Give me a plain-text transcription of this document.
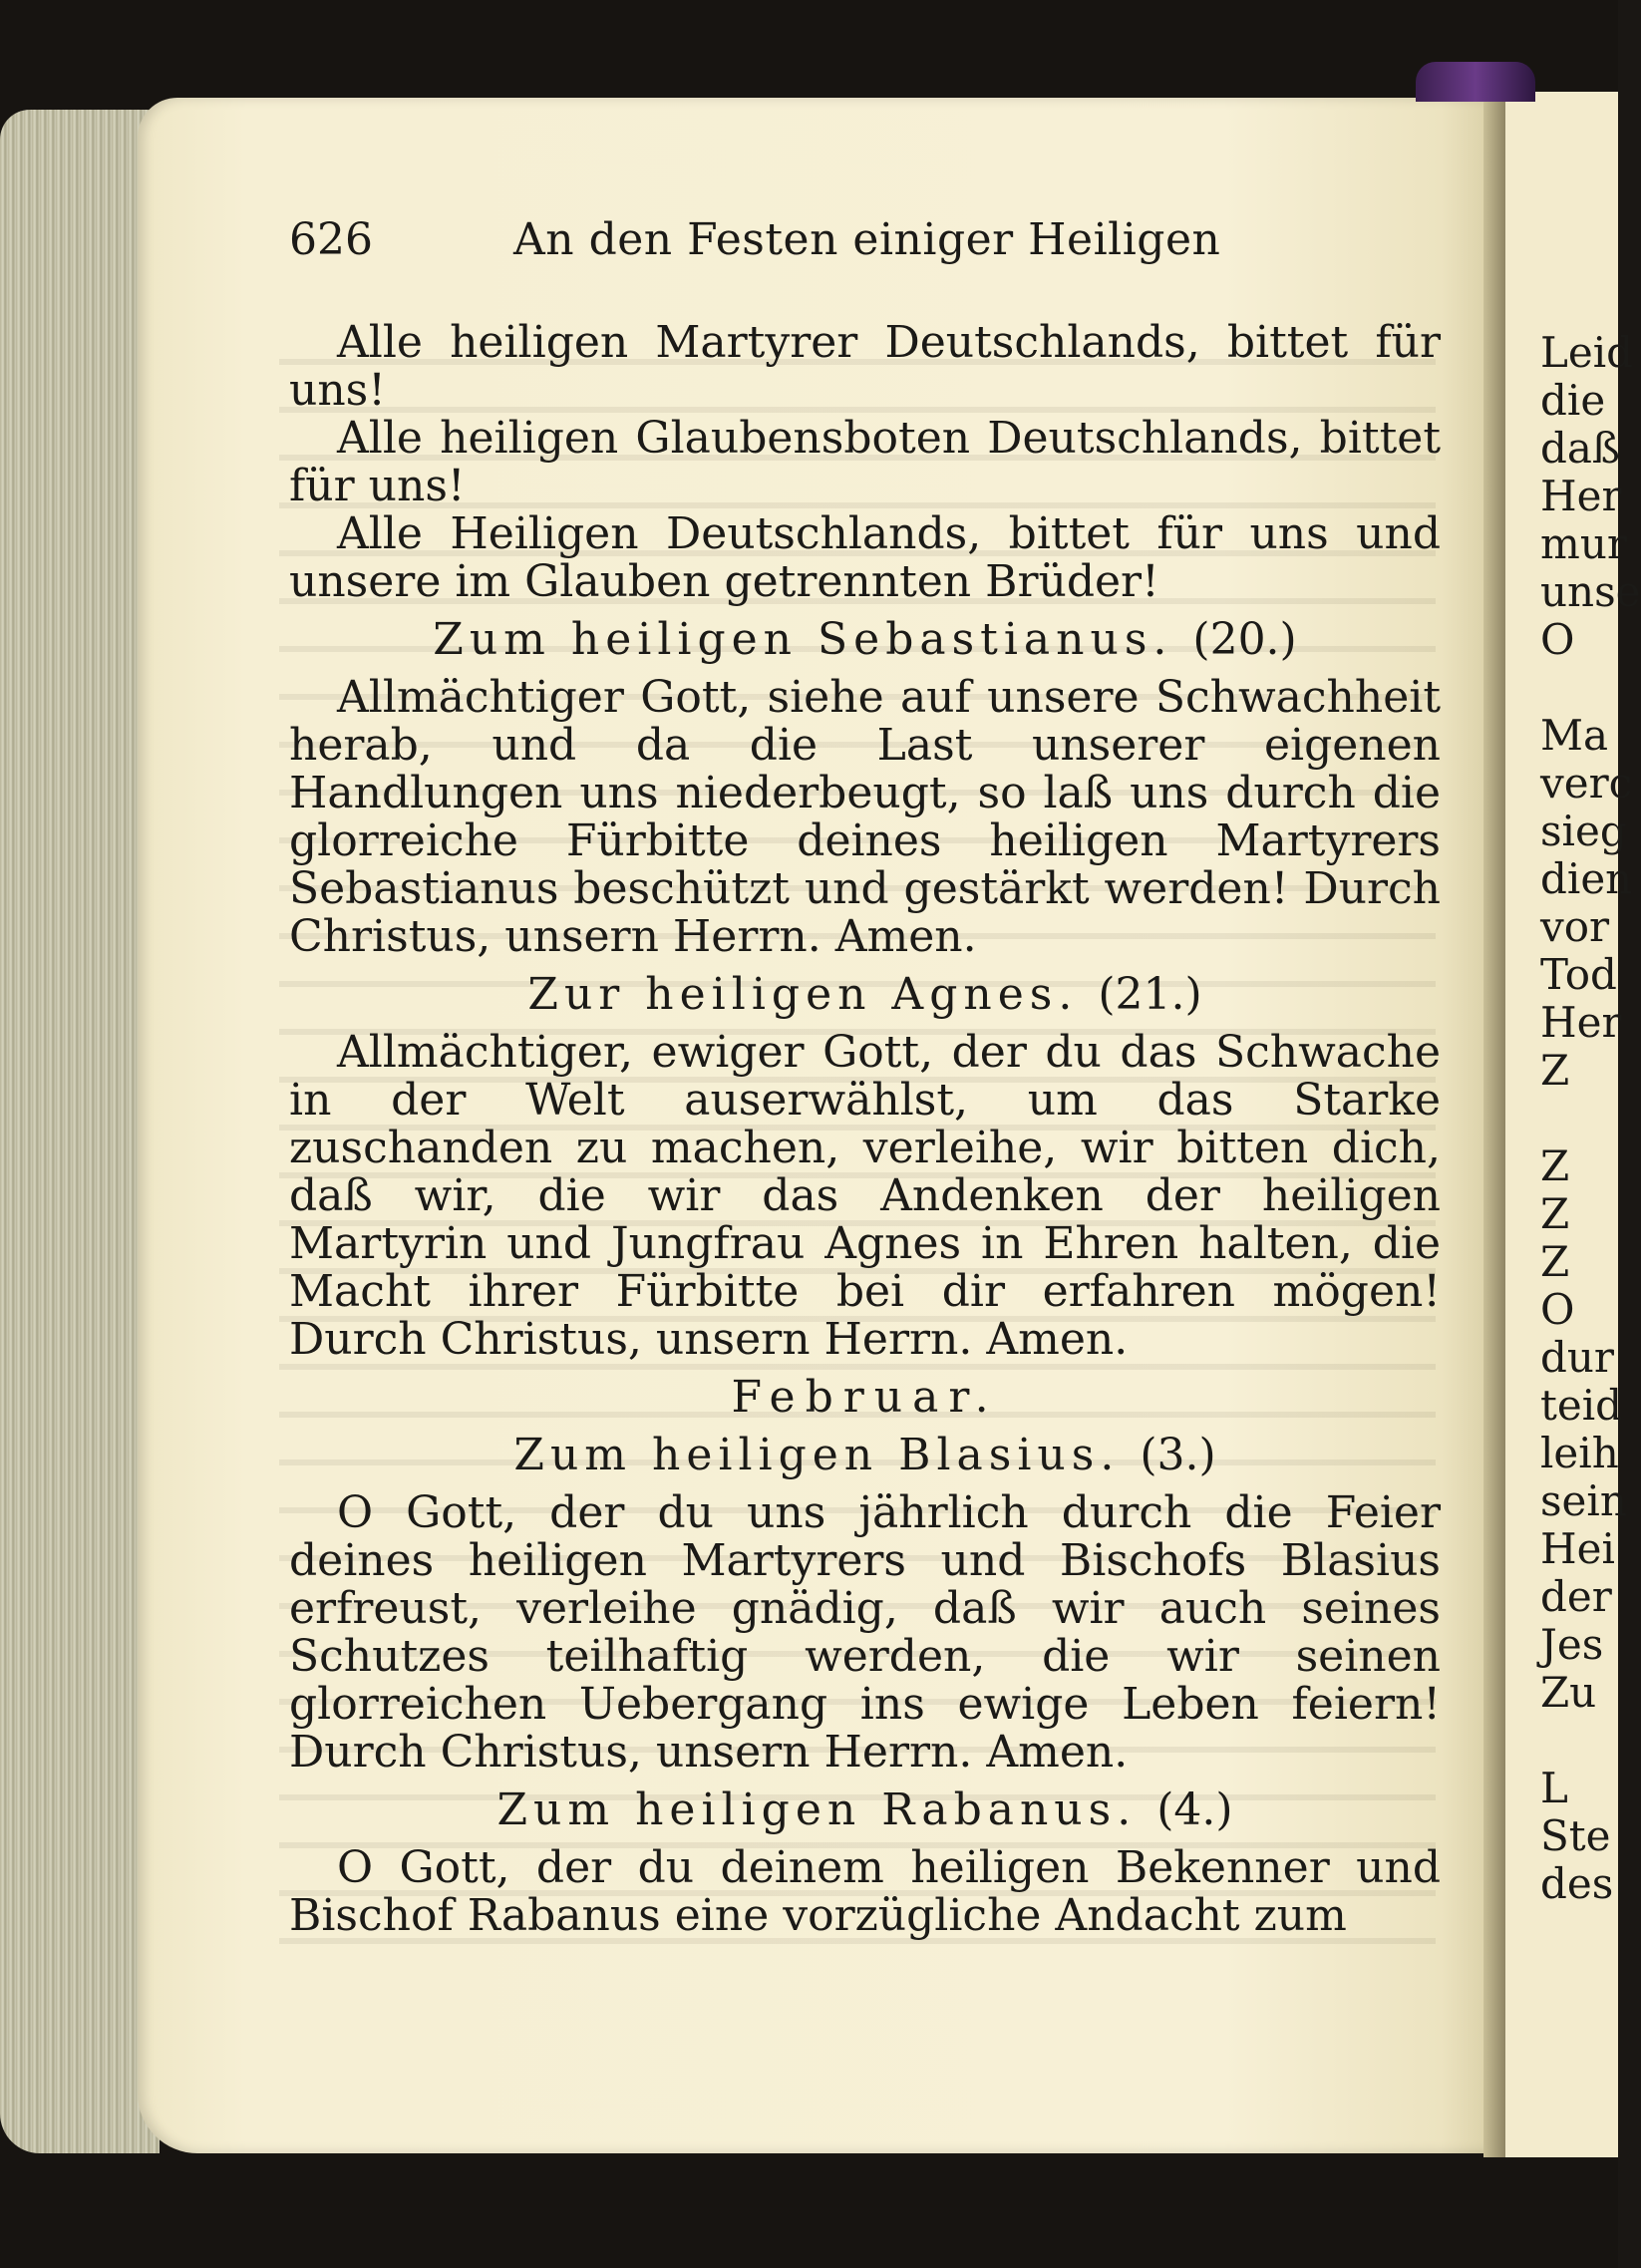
626	An den Festen einiger Heiligen

Alle heiligen Martyrer Deutschlands, bittet für uns!

Alle heiligen Glaubensboten Deutschlands, bittet für uns!

Alle Heiligen Deutschlands, bittet für uns und unsere im Glauben getrennten Brüder!

Zum heiligen Sebastianus. (20.)

Allmächtiger Gott, siehe auf unsere Schwachheit herab, und da die Last unserer eigenen Handlungen uns niederbeugt, so laß uns durch die glorreiche Fürbitte deines heiligen Martyrers Sebastianus beschützt und gestärkt werden! Durch Christus, unsern Herrn. Amen.

Zur heiligen Agnes. (21.)

Allmächtiger, ewiger Gott, der du das Schwache in der Welt auserwählst, um das Starke zuschanden zu machen, verleihe, wir bitten dich, daß wir, die wir das Andenken der heiligen Martyrin und Jungfrau Agnes in Ehren halten, die Macht ihrer Fürbitte bei dir erfahren mögen! Durch Christus, unsern Herrn. Amen.

Februar.

Zum heiligen Blasius. (3.)

O Gott, der du uns jährlich durch die Feier deines heiligen Martyrers und Bischofs Blasius erfreust, verleihe gnädig, daß wir auch seines Schutzes teilhaftig werden, die wir seinen glorreichen Uebergang ins ewige Leben feiern! Durch Christus, unsern Herrn. Amen.

Zum heiligen Rabanus. (4.)

O Gott, der du deinem heiligen Bekenner und Bischof Rabanus eine vorzügliche Andacht zum

Leid
die
daß
Her
mur
unse
O
Ma
verc
sieg
dien
vor
Tod
Her
Z
Z
Z
Z
O
dur
teid
leih
sein
Hei
der
Jes
Zu
L
Ste
des
